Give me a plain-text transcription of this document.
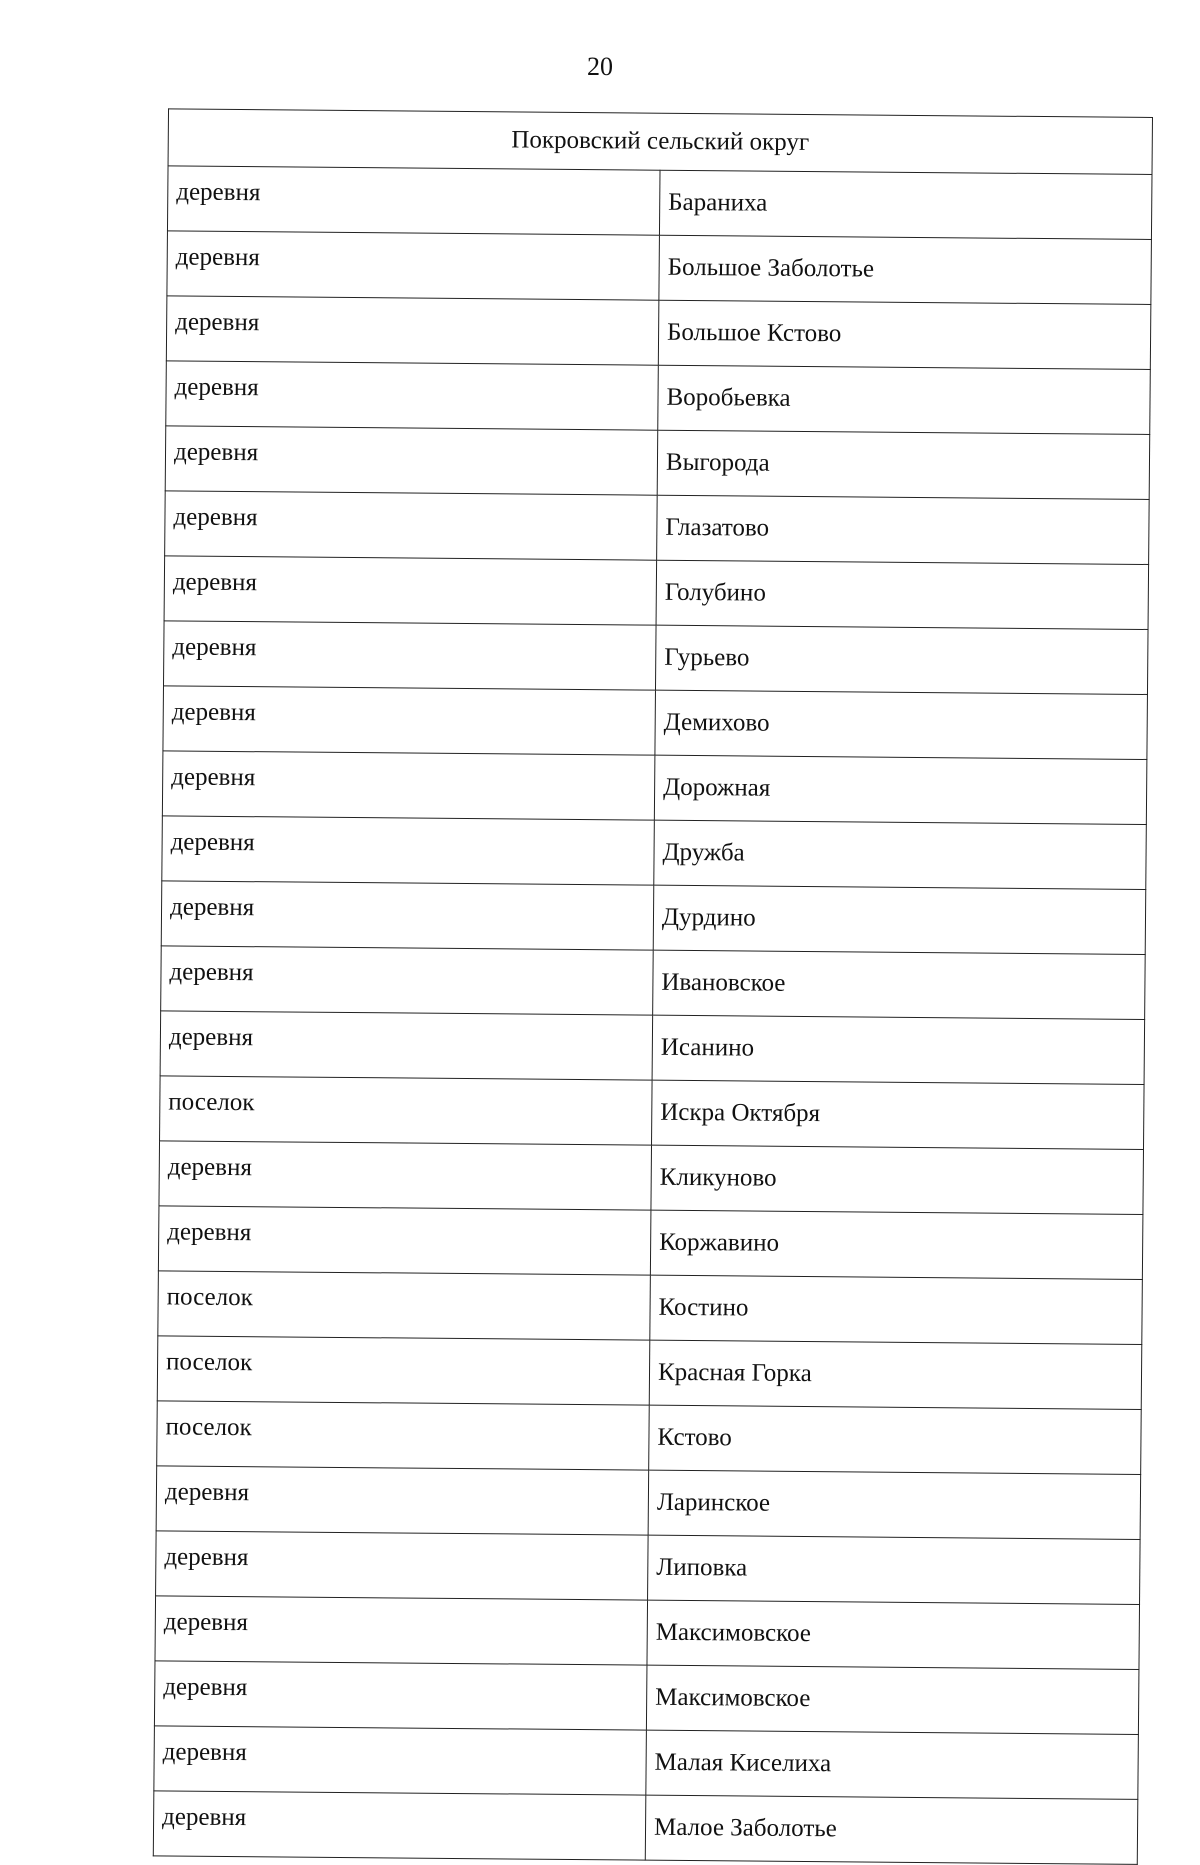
20
Покровский сельский округ	
деревня	Бараниха
деревня	Большое Заболотье
деревня	Большое Кстово
деревня	Воробьевка
деревня	Выгорода
деревня	Глазатово
деревня	Голубино
деревня	Гурьево
деревня	Демихово
деревня	Дорожная
деревня	Дружба
деревня	Дурдино
деревня	Ивановское
деревня	Исанино
поселок	Искра Октября
деревня	Кликуново
деревня	Коржавино
поселок	Костино
поселок	Красная Горка
поселок	Кстово
деревня	Ларинское
деревня	Липовка
деревня	Максимовское
деревня	Максимовское
деревня	Малая Киселиха
деревня	Малое Заболотье
